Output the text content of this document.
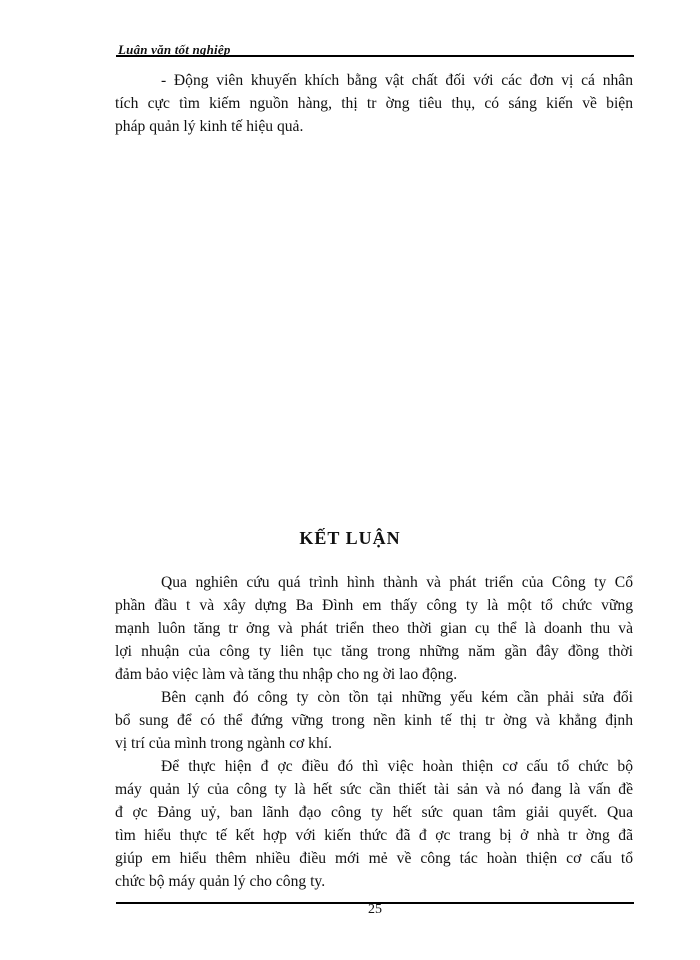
Luận văn tốt nghiệp
- Động viên khuyến khích bằng vật chất đối với các đơn vị cá nhân
tích cực tìm kiếm nguồn hàng, thị tr ờng tiêu thụ, có sáng kiến về biện
pháp quản lý kinh tế hiệu quả.
KẾT LUẬN
Qua nghiên cứu quá trình hình thành và phát triển của Công ty Cổ
phần đầu t và xây dựng Ba Đình em thấy công ty là một tổ chức vững
mạnh luôn tăng tr ởng và phát triển theo thời gian cụ thể là doanh thu và
lợi nhuận của công ty liên tục tăng trong những năm gần đây đồng thời
đảm bảo việc làm và tăng thu nhập cho ng ời lao động.
Bên cạnh đó công ty còn tồn tại những yếu kém cần phải sửa đổi
bổ sung để có thể đứng vững trong nền kinh tế thị tr ờng và khẳng định
vị trí của mình trong ngành cơ khí.
Để thực hiện đ ợc điều đó thì việc hoàn thiện cơ cấu tổ chức bộ
máy quản lý của công ty là hết sức cần thiết tài sản và nó đang là vấn đề
đ ợc Đảng uỷ, ban lãnh đạo công ty hết sức quan tâm giải quyết. Qua
tìm hiểu thực tế kết hợp với kiến thức đã đ ợc trang bị ở nhà tr ờng đã
giúp em hiểu thêm nhiều điều mới mẻ về công tác hoàn thiện cơ cấu tổ
chức bộ máy quản lý cho công ty.
25
